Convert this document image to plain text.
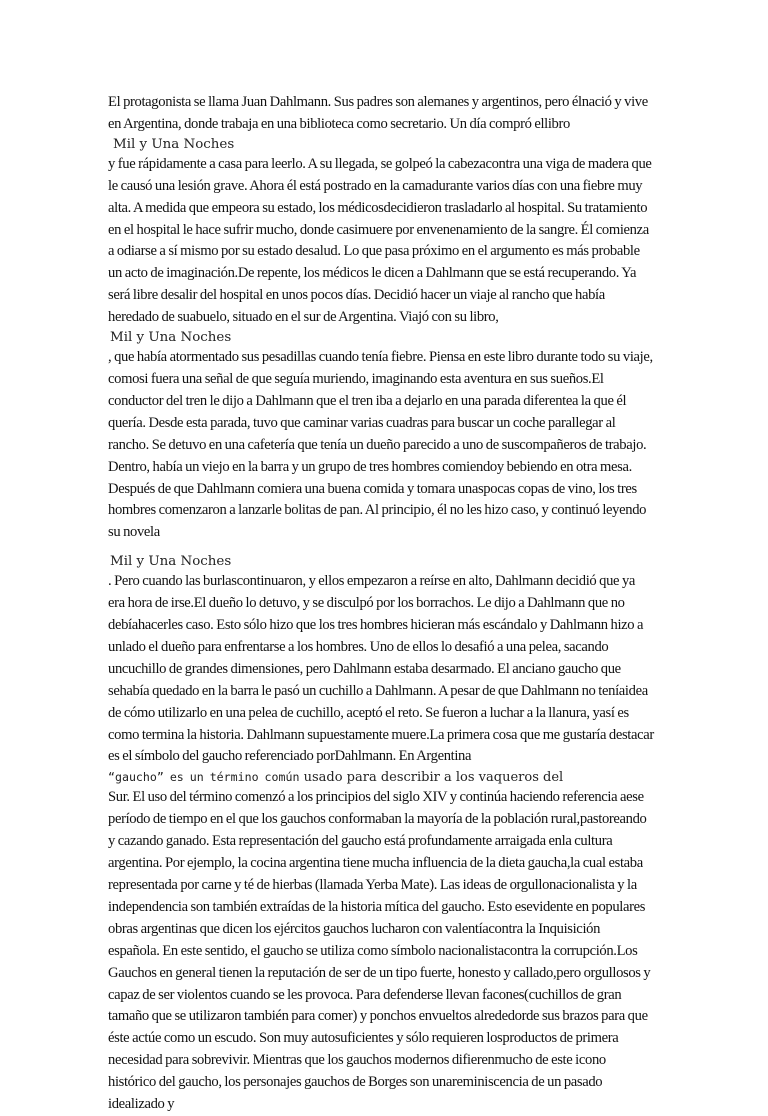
El protagonista se llama Juan Dahlmann. Sus padres son alemanes y argentinos, pero élnació y vive en Argentina, donde trabaja en una biblioteca como secretario. Un día compró ellibro

Mil y Una Noches

y fue rápidamente a casa para leerlo. A su llegada, se golpeó la cabezacontra una viga de madera que le causó una lesión grave. Ahora él está postrado en la camadurante varios días con una fiebre muy alta. A medida que empeora su estado, los médicosdecidieron trasladarlo al hospital. Su tratamiento en el hospital le hace sufrir mucho, donde casimuere por envenenamiento de la sangre. Él comienza a odiarse a sí mismo por su estado desalud. Lo que pasa próximo en el argumento es más probable un acto de imaginación.De repente, los médicos le dicen a Dahlmann que se está recuperando. Ya será libre desalir del hospital en unos pocos días. Decidió hacer un viaje al rancho que había heredado de suabuelo, situado en el sur de Argentina. Viajó con su libro,

Mil y Una Noches

, que había atormentado sus pesadillas cuando tenía fiebre. Piensa en este libro durante todo su viaje, comosi fuera una señal de que seguía muriendo, imaginando esta aventura en sus sueños.El conductor del tren le dijo a Dahlmann que el tren iba a dejarlo en una parada diferentea la que él quería. Desde esta parada, tuvo que caminar varias cuadras para buscar un coche parallegar al rancho. Se detuvo en una cafetería que tenía un dueño parecido a uno de suscompañeros de trabajo. Dentro, había un viejo en la barra y un grupo de tres hombres comiendoy bebiendo en otra mesa. Después de que Dahlmann comiera una buena comida y tomara unaspocas copas de vino, los tres hombres comenzaron a lanzarle bolitas de pan. Al principio, él no les hizo caso, y continuó leyendo su novela

Mil y Una Noches

. Pero cuando las burlascontinuaron, y ellos empezaron a reírse en alto, Dahlmann decidió que ya era hora de irse.El dueño lo detuvo, y se disculpó por los borrachos. Le dijo a Dahlmann que no debíahacerles caso. Esto sólo hizo que los tres hombres hicieran más escándalo y Dahlmann hizo a unlado el dueño para enfrentarse a los hombres. Uno de ellos lo desafió a una pelea, sacando uncuchillo de grandes dimensiones, pero Dahlmann estaba desarmado. El anciano gaucho que sehabía quedado en la barra le pasó un cuchillo a Dahlmann. A pesar de que Dahlmann no teníaidea de cómo utilizarlo en una pelea de cuchillo, aceptó el reto. Se fueron a luchar a la llanura, yasí es como termina la historia. Dahlmann supuestamente muere.La primera cosa que me gustaría destacar es el símbolo del gaucho referenciado porDahlmann. En Argentina

“gaucho” es un término común usado para describir a los vaqueros del

Sur. El uso del término comenzó a los principios del siglo XIV y continúa haciendo referencia aese período de tiempo en el que los gauchos conformaban la mayoría de la población rural,pastoreando y cazando ganado. Esta representación del gaucho está profundamente arraigada enla cultura argentina. Por ejemplo, la cocina argentina tiene mucha influencia de la dieta gaucha,la cual estaba representada por carne y té de hierbas (llamada Yerba Mate). Las ideas de orgullonacionalista y la independencia son también extraídas de la historia mítica del gaucho. Esto esevidente en populares obras argentinas que dicen los ejércitos gauchos lucharon con valentíacontra la Inquisición española. En este sentido, el gaucho se utiliza como símbolo nacionalistacontra la corrupción.Los Gauchos en general tienen la reputación de ser de un tipo fuerte, honesto y callado,pero orgullosos y capaz de ser violentos cuando se les provoca. Para defenderse llevan facones(cuchillos de gran tamaño que se utilizaron también para comer) y ponchos envueltos alrededorde sus brazos para que éste actúe como un escudo. Son muy autosuficientes y sólo requieren losproductos de primera necesidad para sobrevivir. Mientras que los gauchos modernos difierenmucho de este icono histórico del gaucho, los personajes gauchos de Borges son unareminiscencia de un pasado idealizado y
